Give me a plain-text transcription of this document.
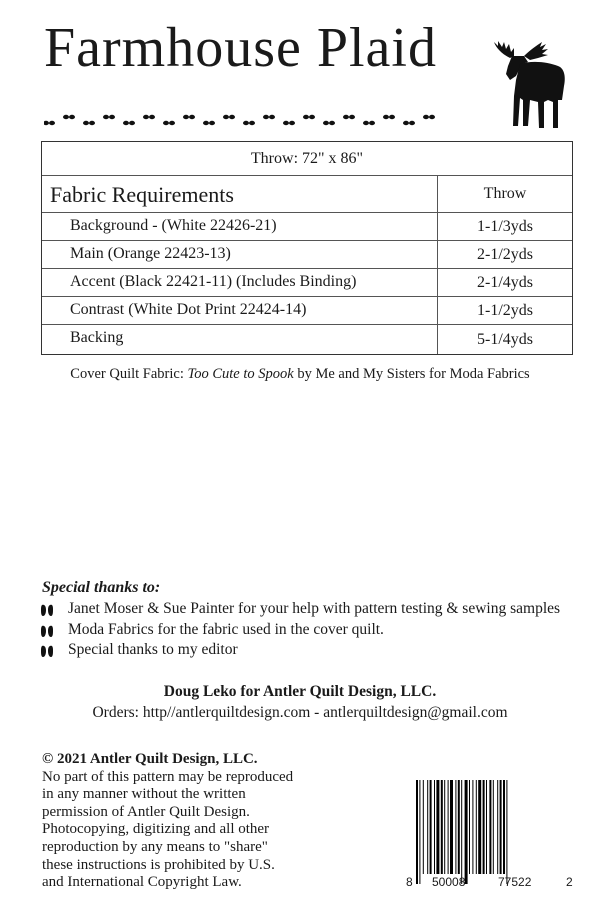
Farmhouse Plaid
Throw: 72" x 86"
Fabric Requirements	Throw
Background - (White 22426-21)	1-1/3yds
Main (Orange 22423-13)	2-1/2yds
Accent (Black 22421-11) (Includes Binding)	2-1/4yds
Contrast (White Dot Print 22424-14)	1-1/2yds
Backing	5-1/4yds
Cover Quilt Fabric: Too Cute to Spook by Me and My Sisters for Moda Fabrics
Special thanks to:
Janet Moser & Sue Painter for your help with pattern testing & sewing samples
Moda Fabrics for the fabric used in the cover quilt.
Special thanks to my editor
Doug Leko for Antler Quilt Design, LLC.
Orders: http//antlerquiltdesign.com - antlerquiltdesign@gmail.com
© 2021 Antler Quilt Design, LLC.
No part of this pattern may be reproduced
in any manner without the written
permission of Antler Quilt Design.
Photocopying, digitizing and all other
reproduction by any means to "share"
these instructions is prohibited by U.S.
and International Copyright Law.	8 50008	77522	2
